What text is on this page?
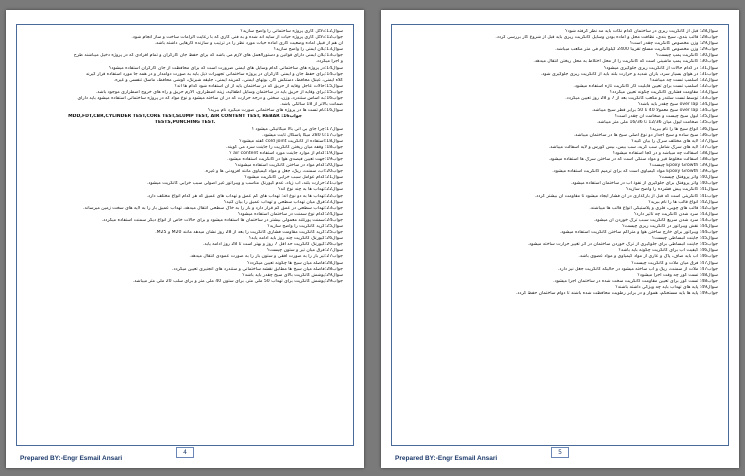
سوال12:دلائل کاری پروژه ساختمانی را واضح سازید؟
جواب12:دلائل کاری پروژه حیات از سایه اند شده و به فنی کاری که با رعایت الزامات ساخت و ساز انجام شود.
آن هم از قبیل آماده وضعیت کاری آماده حیات مورد نظر را در ترتیب و سازنده کارهایی داشته باشد.
سوال13:بلان ایمنی را واضح سازید؟
جواب13:بلان ایمنی دارای قوانین و دستورالعمل های لازم می باشد که برای حفظ جان کارگران و تمام افرادی که در پروژه دخیل میباشند طرح
و اجرا میگردد.
سوال14:در پروژه های ساختمانی کدام وسایل های ایمنی ضرورت است که برای محافظت از جان کارگران استفاده میشود؟
جواب14:برای حفظ جان و ایمنی کارگران در پروژه ساختمانی تجهیزات ذیل باید به صورت دوامدار و در همه جا مورد استفاده قرار گیرند
کلاه ایمنی، عینک محافظ، دستکش کار، بوتهای ایمنی، کمربند ایمنی، جلیقه شبرنگ، گوشی محافظ، ماسک تنفسی و غیره.
سوال15:حالات عاجل وقایه از حریق که در ساختمان باید از آن استفاده شود کدام ها اند؟
جواب15:برای وقایه از حریق باید در ساختمان وسایل اطفائیه، زینه اضطراری، آلارم حریق و راه های خروج اضطراری موجود باشد.
جواب16:به اساس ستندرد، وزن، سختی و درجه حرارت که در آن ساخته میشود و نوع مواد که در پروژه ساختمانی استفاده میشود باید دارای
ضمانت بالاتر از 18 سالگی باشد.
سوال16:نام تست ها در پروژه های ساختمانی صورت میگیرد نام ببرید؟
MDD,FDT,CBR,CYLINDER TEST,CORE TEST,SLUMP TEST, AIR CONTENT TEST, REBAR :جواب16
TESTS,PUNCHING TEST.
سوال17:چرا جای بی انی بالا میکانیکی میشود ؟
جواب17:تا 280 میگا پاسکال ثابت میشود.
سوال18:استفاده از کانکریت cold joint گفته میشود؟
جواب18: وقفه میان ریختن کانکریت را جاینت سرد می گویند.
سوال19:کدام از موارد جاینت مورد استفاده air content ؟
جواب19:جهت تعیین فیصدی هوا در کانکریت استفاده میشود.
سوال20:کدام مواد در ساختن کانکریت استفاده میشوند؟
جواب20:آب، سمنت، ریگ، جغل و مواد کیمیاوی مانند افزودنی ها و غیره.
سوال21:کدام عوامل سبب خرابی کانکریت میشود؟
جواب21:حرارت بلند، آب زیاد، عدم کیورنگ مناسب و ویبراتور غیر اصولی سبب خرابی کانکریت میشود.
سوال22:تهداب ها به چند نوع اند؟
جواب22:تهداب ها به دو نوع اند: تهداب های کم عمق و تهداب های عمیق که هر کدام انواع مختلف دارد.
سوال23:فرق میان تهداب سطحی و تهداب عمیق را بیان کنید؟
جواب23:تهداب سطحی در عمق کم قرار دارد و بار را به خاک سطحی انتقال میدهد، تهداب عمیق بار را به لایه های سخت زمین میرساند.
سوال24:کدام نوع سمنت در ساختمان استفاده میشود؟
جواب24:سمنت پورتلند معمولی بیشتر در ساختمان ها استفاده میشود و برای حالات خاص از انواع دیگر سمنت استفاده میگردد.
سوال25:گرید کانکریت را واضح سازید؟
جواب25:گرید کانکریت مقاومت فشاری کانکریت را بعد از 28 روز نشان میدهد مانند M20 و M25.
سوال26:کیورنگ کانکریت چند روز باید ادامه یابد؟
جواب26:کیورنگ کانکریت حد اقل 7 روز و بهتر است تا 28 روز ادامه یابد.
سوال27:فرق میان تیر و ستون چیست؟
جواب27:تیر بار را به صورت افقی و ستون بار را به صورت عمودی انتقال میدهد.
سوال28:فاصله میان سیخ ها چگونه تعیین میگردد؟
جواب28:فاصله میان سیخ ها مطابق نقشه ساختمانی و ستندرد های انجنیری تعیین میگردد.
سوال29:پوشش کانکریت بالای سیخ چقدر باید باشد؟
جواب29:پوشش کانکریت برای تهداب 50 ملی متر، برای ستون 40 ملی متر و برای سلب 20 ملی متر میباشد.
4
Prepared BY:-Engr Esmail Ansari
سوال28: قبل از کانکریت ریزی در ساختمان کدام نکات باید مد نظر گرفته شود؟
جواب28: قالب بندی، سیخ بندی، نظافت محل و آماده بودن وسایل کانکریت ریزی باید قبل از شروع کار بررسی گردد.
سوال29: وزن مخصوص کانکریت چقدر است؟
جواب29: وزن مخصوص کانکریت مسلح تقریباً 2400 کیلوگرام فی متر مکعب میباشد.
سوال30: کانکریت پمپ چیست؟
جواب30: کانکریت پمپ ماشینی است که کانکریت را از محل اختلاط به محل ریختن انتقال میدهد.
سوال31: در کدام حالات از کانکریت ریزی جلوگیری میشود؟
جواب31: در هوای بسیار سرد، باران شدید و حرارت بلند باید از کانکریت ریزی جلوگیری شود.
سوال32: اسلمپ تست چه میباشد؟
جواب32: اسلمپ تست برای تعیین قابلیت کار کانکریت تازه استفاده میشود.
سوال33: مقاومت فشاری کانکریت چگونه تعیین میگردد؟
جواب33: توسط تست سلندر و مکعب کانکریت بعد از 7 و 28 روز تعیین میگردد.
سوال34: over lap سیخ چقدر باید باشد؟
جواب34: over lap سیخ معمولاً 40 تا 50 برابر قطر سیخ میباشد.
سوال35: لیول سیخ چیست و ضخامت آن چقدر است؟
جواب35: ضخامت لیول میان 12/36 تا 16/36 ملی متر میباشد.
سوال36: انواع سیخ ها را نام ببرید؟
جواب36: سیخ ساده و سیخ آجدار دو نوع اصلی سیخ ها در ساختمان میباشد.
سوال37: لایه های مختلف سرک را بیان کنید؟
جواب37: لایه های سرک شامل سب گرید، سب بیس، بیس کورس و لایه اسفالت میباشد.
سوال38: اسفالت چه میباشد و در کجا استفاده میشود؟
جواب38: اسفالت مخلوط قیر و مواد سنگی است که در ساختن سرک ها استفاده میشود.
سوال39: Epoxy Growth چیست؟
جواب39: Epoxy Growth مواد کیمیاوی است که برای ترمیم کانکریت استفاده میشود.
سوال40: واتر پروفنگ چیست؟
جواب40: واتر پروفنگ برای جلوگیری از نفوذ آب در ساختمان استفاده میشود.
سوال41: کانکریت پیش فشرده را واضح سازید؟
جواب41: کانکریتی است که قبل از بارگذاری در آن فشار ایجاد میشود تا مقاومت آن بیشتر گردد.
سوال42: انواع قالب ها را نام ببرید؟
جواب42: قالب های چوبی، فلزی و پلاستیکی انواع قالب ها میباشند.
سوال43: سرد شدن کانکریت چه تاثیر دارد؟
جواب43: سرد شدن سریع کانکریت سبب ترک خوردن آن میشود.
سوال44: نقش ویبراتور در کانکریت ریزی چیست؟
جواب44: ویبراتور برای خارج ساختن هوا و متراکم ساختن کانکریت استفاده میشود.
سوال45: جاینت انبساطی چیست؟
جواب45: جاینت انبساطی برای جلوگیری از ترک خوردن ساختمان در اثر تغییر حرارت ساخته میشود.
سوال46: کیفیت آب برای کانکریت چگونه باید باشد؟
جواب46: آب باید صاف، پاک و عاری از مواد کیمیاوی و مواد عضوی باشد.
سوال47: فرق میان ملات و کانکریت چیست؟
جواب47: ملات از سمنت، ریگ و آب ساخته میشود در حالیکه کانکریت جغل نیز دارد.
سوال48: تست کور چه وقت اجرا میشود؟
جواب48: تست کور برای تعیین مقاومت کانکریت سخت شده در ساختمان اجرا میشود.
سوال49: پایه های تهداب باید چه ویژگی داشته باشند؟
جواب49: پایه ها باید مستحکم، هموار و در برابر رطوبت محافظت شده باشند تا دوام ساختمان حفظ گردد.
5
Prepared BY:-Engr Esmail Ansari
